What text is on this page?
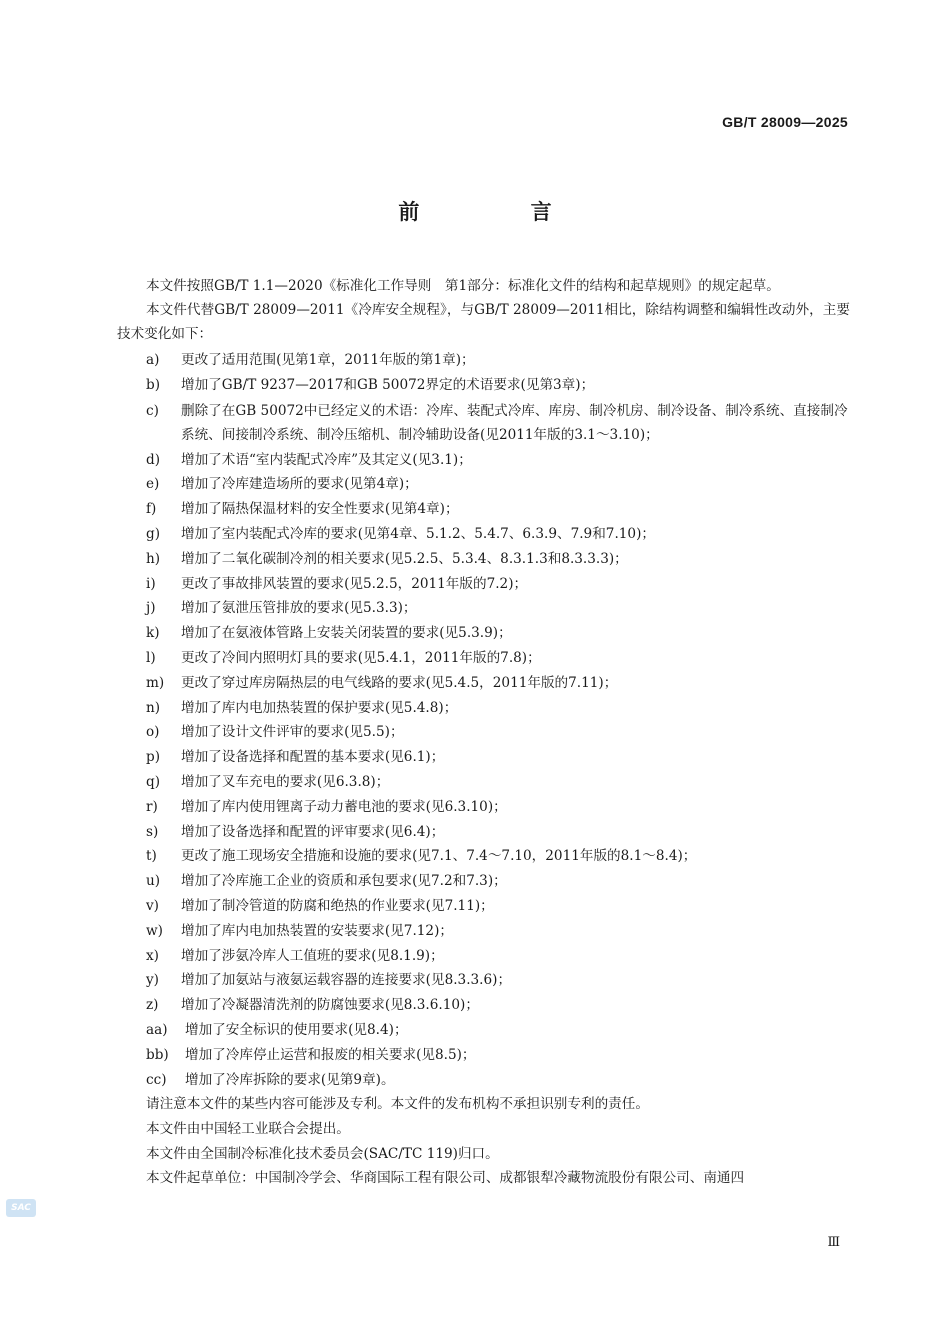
GB/T 28009—2025
前 言

本文件按照GB/T 1.1—2020《标准化工作导则　第1部分：标准化文件的结构和起草规则》的规定起草。

本文件代替GB/T 28009—2011《冷库安全规程》，与GB/T 28009—2011相比，除结构调整和编辑性改动外，主要技术变化如下：

a)	更改了适用范围(见第1章，2011年版的第1章)；
b)	增加了GB/T 9237—2017和GB 50072界定的术语要求(见第3章)；
c)	删除了在GB 50072中已经定义的术语：冷库、装配式冷库、库房、制冷机房、制冷设备、制冷系统、直接制冷系统、间接制冷系统、制冷压缩机、制冷辅助设备(见2011年版的3.1～3.10)；
d)	增加了术语“室内装配式冷库”及其定义(见3.1)；
e)	增加了冷库建造场所的要求(见第4章)；
f)	增加了隔热保温材料的安全性要求(见第4章)；
g)	增加了室内装配式冷库的要求(见第4章、5.1.2、5.4.7、6.3.9、7.9和7.10)；
h)	增加了二氧化碳制冷剂的相关要求(见5.2.5、5.3.4、8.3.1.3和8.3.3.3)；
i)	更改了事故排风装置的要求(见5.2.5，2011年版的7.2)；
j)	增加了氨泄压管排放的要求(见5.3.3)；
k)	增加了在氨液体管路上安装关闭装置的要求(见5.3.9)；
l)	更改了冷间内照明灯具的要求(见5.4.1，2011年版的7.8)；
m)	更改了穿过库房隔热层的电气线路的要求(见5.4.5，2011年版的7.11)；
n)	增加了库内电加热装置的保护要求(见5.4.8)；
o)	增加了设计文件评审的要求(见5.5)；
p)	增加了设备选择和配置的基本要求(见6.1)；
q)	增加了叉车充电的要求(见6.3.8)；
r)	增加了库内使用锂离子动力蓄电池的要求(见6.3.10)；
s)	增加了设备选择和配置的评审要求(见6.4)；
t)	更改了施工现场安全措施和设施的要求(见7.1、7.4～7.10，2011年版的8.1～8.4)；
u)	增加了冷库施工企业的资质和承包要求(见7.2和7.3)；
v)	增加了制冷管道的防腐和绝热的作业要求(见7.11)；
w)	增加了库内电加热装置的安装要求(见7.12)；
x)	增加了涉氨冷库人工值班的要求(见8.1.9)；
y)	增加了加氨站与液氨运载容器的连接要求(见8.3.3.6)；
z)	增加了冷凝器清洗剂的防腐蚀要求(见8.3.6.10)；
aa)	增加了安全标识的使用要求(见8.4)；
bb)	增加了冷库停止运营和报废的相关要求(见8.5)；
cc)	增加了冷库拆除的要求(见第9章)。

请注意本文件的某些内容可能涉及专利。本文件的发布机构不承担识别专利的责任。

本文件由中国轻工业联合会提出。

本文件由全国制冷标准化技术委员会(SAC/TC 119)归口。

本文件起草单位：中国制冷学会、华商国际工程有限公司、成都银犁冷藏物流股份有限公司、南通四

SAC
Ⅲ
